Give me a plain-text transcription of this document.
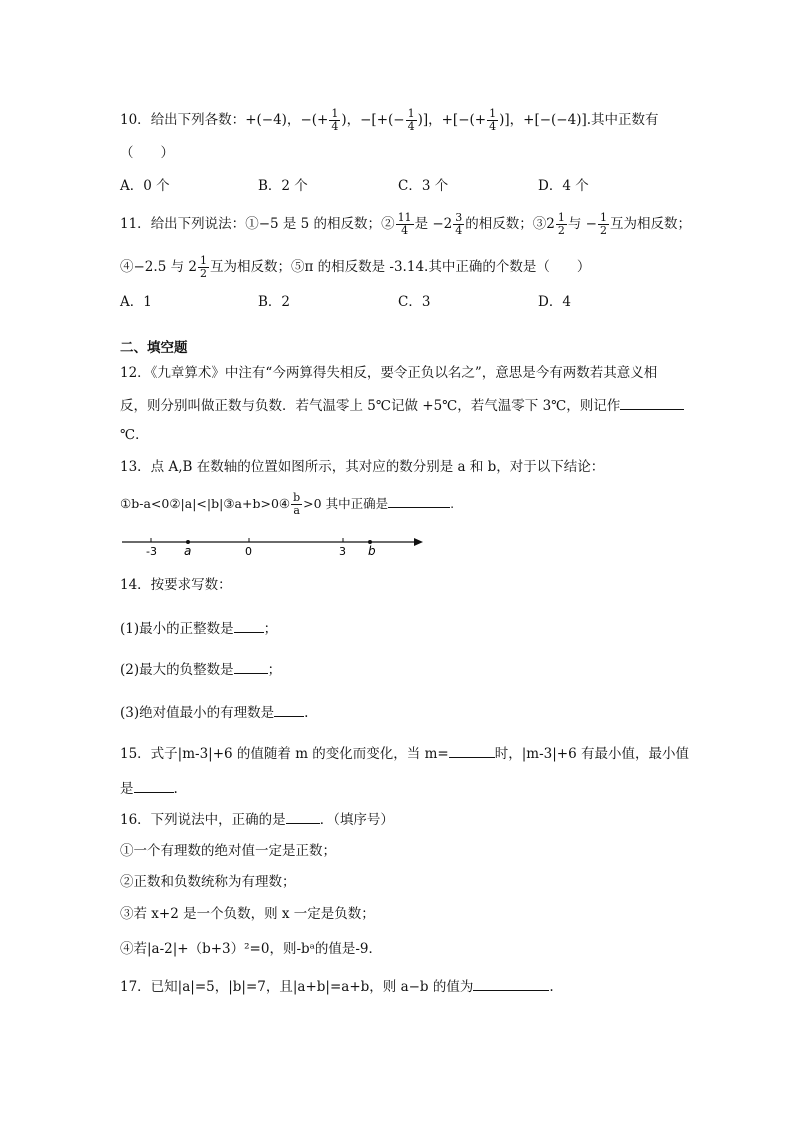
10．给出下列各数：+(−4)，−(+ $\frac{1}{4}$ )，−[+(− $\frac{1}{4}$ )]，+[−(+ $\frac{1}{4}$ )]，+[−(−4)].其中正数有
（　　）
A．0 个	B．2 个	C．3 个	D．4 个
11．给出下列说法：①−5 是 5 的相反数；② $\frac{11}{4}$ 是 $-2 \frac{3}{4}$ 的相反数；③2 $\frac{1}{2}$ 与 − $\frac{1}{2}$ 互为相反数；
④−2.5 与 $2 \frac{1}{2}$ 互为相反数；⑤π 的相反数是 -3.14.其中正确的个数是（　　）
A．1	B．2	C．3	D．4
二、填空题
12．《九章算术》中注有“今两算得失相反，要令正负以名之”，意思是今有两数若其意义相
反，则分别叫做正数与负数．若气温零上 5℃记做 +5℃，若气温零下 3℃，则记作
℃．
13．点 A,B 在数轴的位置如图所示，其对应的数分别是 a 和 b，对于以下结论：
①b-a<0②|a|<|b|③a+b>0④ $\frac{b}{a} >0$ 其中正确是	.
-3 a	0	3 b
14．按要求写数：
(1)最小的正整数是 ；
(2)最大的负整数是	；
(3)绝对值最小的有理数是 .
15．式子|m-3|+6 的值随着 m 的变化而变化，当 m=	时，|m-3|+6 有最小值，最小值
是	.
16．下列说法中，正确的是	．（填序号）
①一个有理数的绝对值一定是正数；
②正数和负数统称为有理数；
③若 x+2 是一个负数，则 x 一定是负数；
④若|a-2|+（b+3）²=0，则-bᵃ的值是-9．
17．已知|a|=5，|b|=7，且|a+b|=a+b，则 a−b 的值为	.
